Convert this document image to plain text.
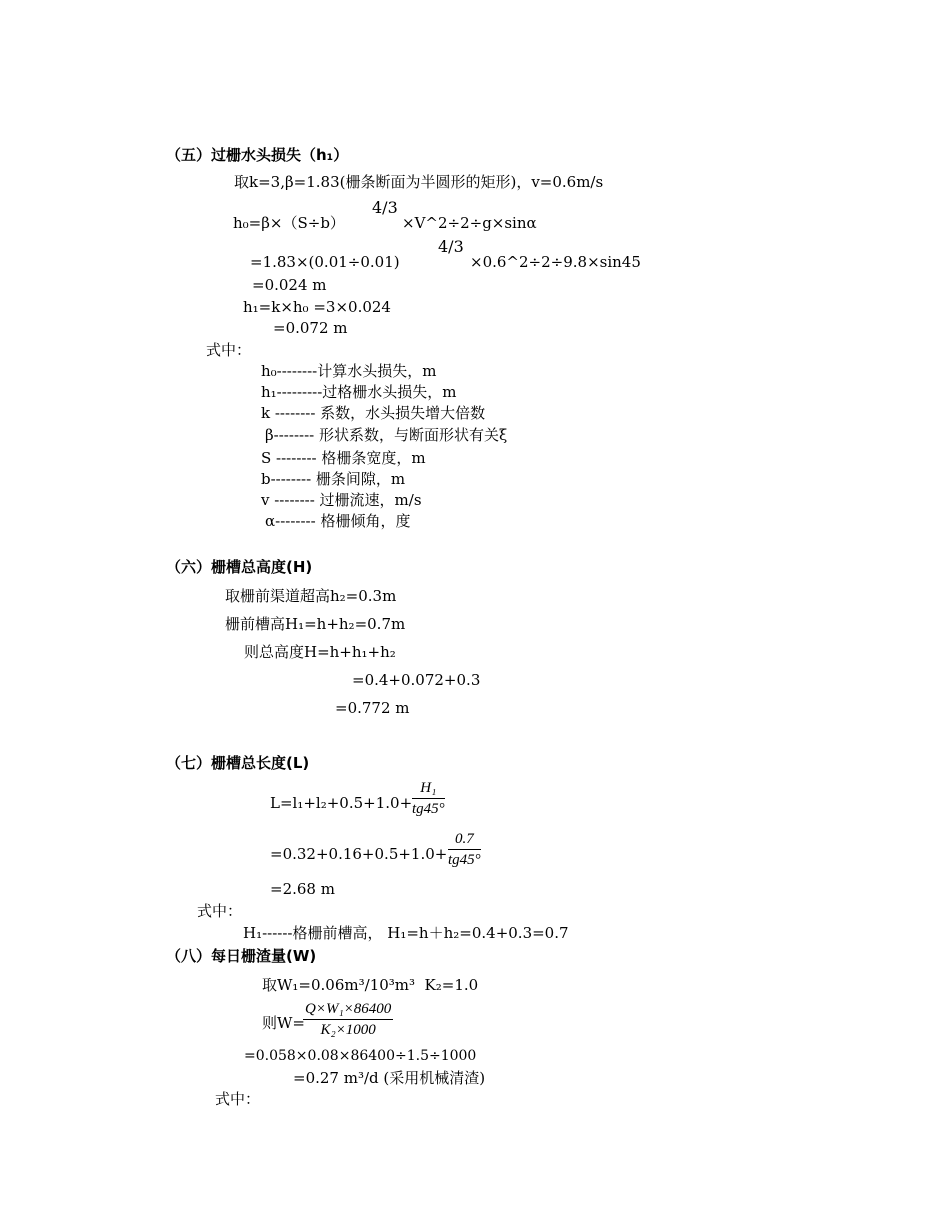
（五）过栅水头损失（h₁）
取k=3,β=1.83(栅条断面为半圆形的矩形)，v=0.6m/s
h₀=β×（S÷b）
4/3
×V^2÷2÷g×sinα
=1.83×(0.01÷0.01)
4/3
×0.6^2÷2÷9.8×sin45
=0.024 m
h₁=k×h₀ =3×0.024
=0.072 m
式中：
h₀--------计算水头损失，m
h₁---------过格栅水头损失，m
k -------- 系数，水头损失增大倍数
β-------- 形状系数，与断面形状有关ξ
S -------- 格栅条宽度，m
b-------- 栅条间隙，m
v -------- 过栅流速，m/s
α-------- 格栅倾角，度
（六）栅槽总高度(H)
取栅前渠道超高h₂=0.3m
栅前槽高H₁=h+h₂=0.7m
则总高度H=h+h₁+h₂
=0.4+0.072+0.3
=0.772 m
（七）栅槽总长度(L)
$L=l_1+l_2+0.5+1.0+ \frac{\text{H₁}}{tg45^\circ}$
$=0.32+0.16+0.5+1.0+ \frac{0.7}{tg45^\circ}$
=2.68 m
式中：
H₁------格栅前槽高， H₁=h＋h₂=0.4+0.3=0.7
（八）每日栅渣量(W)
取W₁=0.06m³/10³m³  K₂=1.0
则W=
$\frac{\text{Q×W₁×86400}}{\text{K₂×1000}}$
=0.058×0.08×86400÷1.5÷1000
=0.27 m³/d (采用机械清渣)
式中：
